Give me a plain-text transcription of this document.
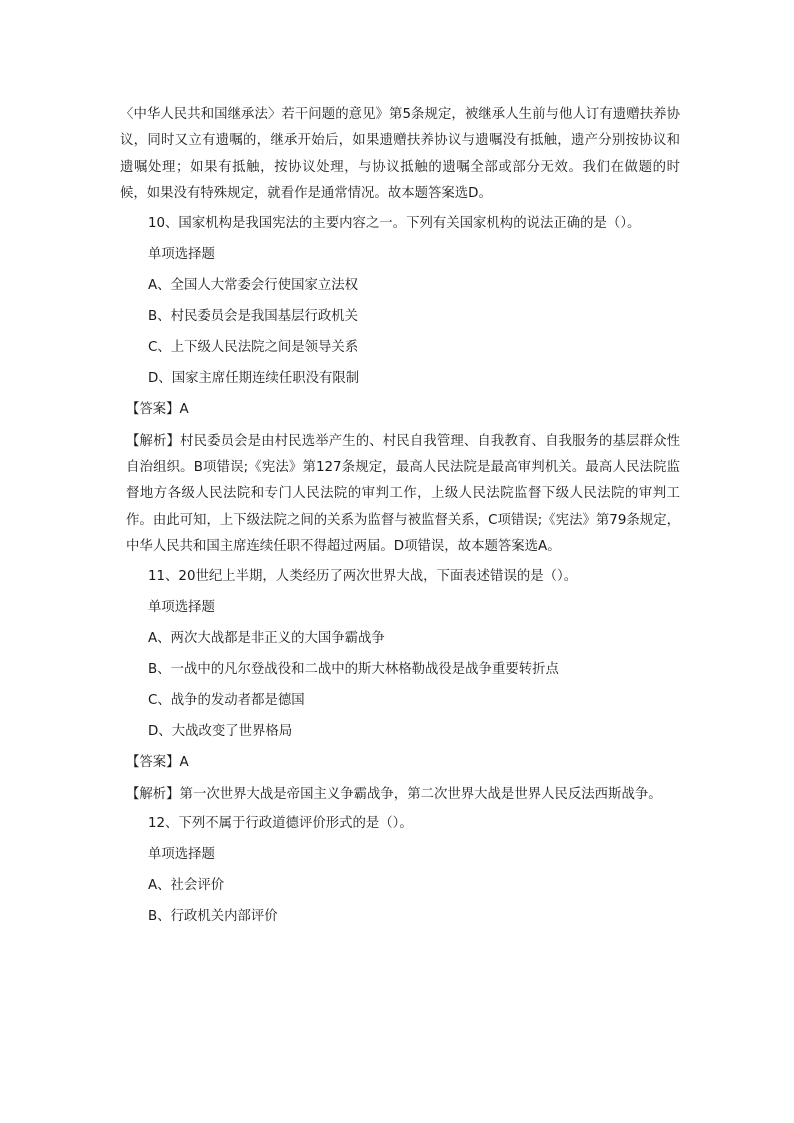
〈中华人民共和国继承法〉若干问题的意见》第5条规定，被继承人生前与他人订有遗赠扶养协议，同时又立有遗嘱的，继承开始后，如果遗赠扶养协议与遗嘱没有抵触，遗产分别按协议和遗嘱处理；如果有抵触，按协议处理，与协议抵触的遗嘱全部或部分无效。我们在做题的时候，如果没有特殊规定，就看作是通常情况。故本题答案选D。

10、国家机构是我国宪法的主要内容之一。下列有关国家机构的说法正确的是（）。

单项选择题

A、全国人大常委会行使国家立法权

B、村民委员会是我国基层行政机关

C、上下级人民法院之间是领导关系

D、国家主席任期连续任职没有限制

【答案】A

【解析】村民委员会是由村民选举产生的、村民自我管理、自我教育、自我服务的基层群众性自治组织。B项错误;《宪法》第127条规定，最高人民法院是最高审判机关。最高人民法院监督地方各级人民法院和专门人民法院的审判工作，上级人民法院监督下级人民法院的审判工作。由此可知，上下级法院之间的关系为监督与被监督关系，C项错误;《宪法》第79条规定，中华人民共和国主席连续任职不得超过两届。D项错误，故本题答案选A。

11、20世纪上半期，人类经历了两次世界大战，下面表述错误的是（）。

单项选择题

A、两次大战都是非正义的大国争霸战争

B、一战中的凡尔登战役和二战中的斯大林格勒战役是战争重要转折点

C、战争的发动者都是德国

D、大战改变了世界格局

【答案】A

【解析】第一次世界大战是帝国主义争霸战争，第二次世界大战是世界人民反法西斯战争。

12、下列不属于行政道德评价形式的是（）。

单项选择题

A、社会评价

B、行政机关内部评价
